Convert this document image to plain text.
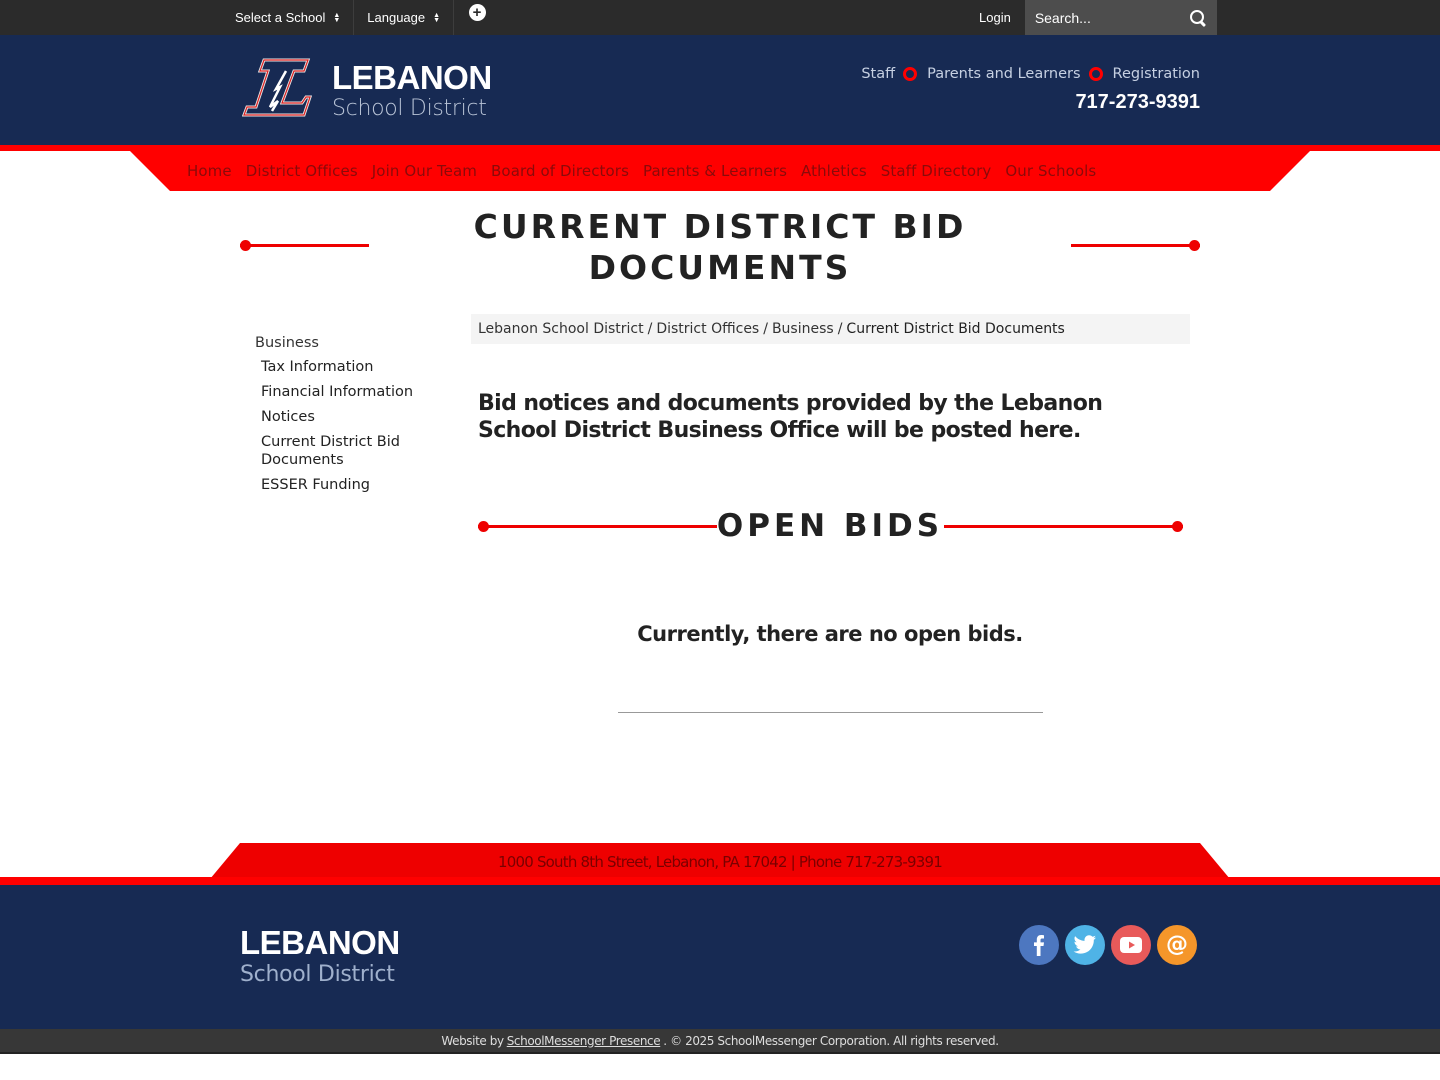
Select a School ▲
▼ Language ▲
▼ +	Login
Search...
LEBANON
School District
Staff Parents and Learners Registration
717-273-9391
Home District Offices Join Our Team Board of Directors Parents & Learners Athletics Staff Directory Our Schools
CURRENT DISTRICT BID DOCUMENTS
Business
Tax Information
Financial Information
Notices
Current District Bid Documents
ESSER Funding
Lebanon School District / District Offices / Business / Current District Bid Documents

Bid notices and documents provided by the Lebanon School District Business Office will be posted here.

OPEN BIDS

Currently, there are no open bids.

1000 South 8th Street, Lebanon, PA 17042 | Phone 717-273-9391
LEBANON
School District
@
Website by SchoolMessenger Presence . © 2025 SchoolMessenger Corporation. All rights reserved.
